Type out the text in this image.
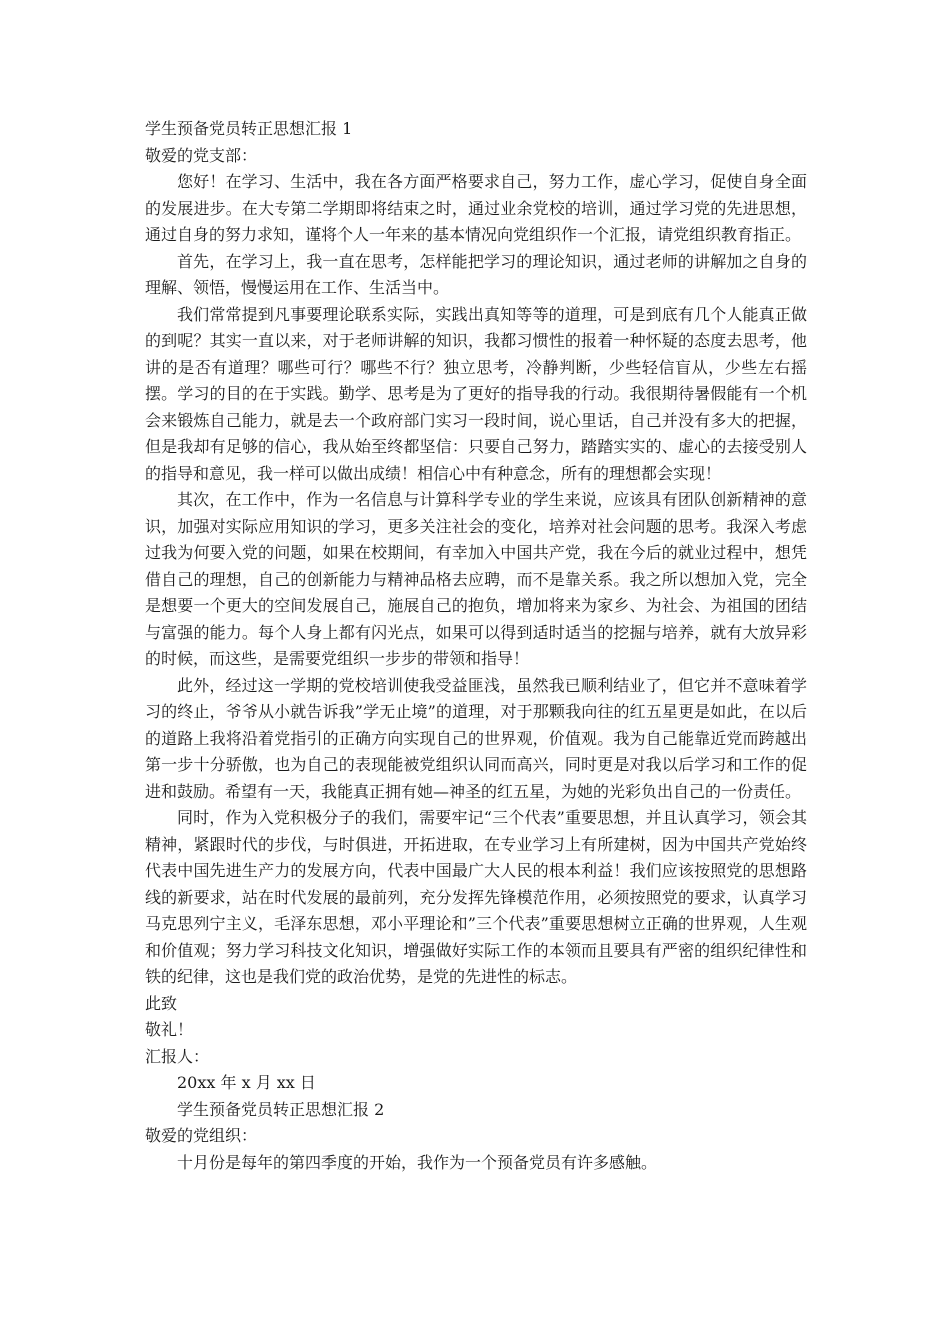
学生预备党员转正思想汇报 1

敬爱的党支部：

您好！在学习、生活中，我在各方面严格要求自己，努力工作，虚心学习，促使自身全面的发展进步。在大专第二学期即将结束之时，通过业余党校的培训，通过学习党的先进思想，通过自身的努力求知，谨将个人一年来的基本情况向党组织作一个汇报，请党组织教育指正。

首先，在学习上，我一直在思考，怎样能把学习的理论知识，通过老师的讲解加之自身的理解、领悟，慢慢运用在工作、生活当中。

我们常常提到凡事要理论联系实际，实践出真知等等的道理，可是到底有几个人能真正做的到呢？其实一直以来，对于老师讲解的知识，我都习惯性的报着一种怀疑的态度去思考，他讲的是否有道理？哪些可行？哪些不行？独立思考，冷静判断，少些轻信盲从，少些左右摇摆。学习的目的在于实践。勤学、思考是为了更好的指导我的行动。我很期待暑假能有一个机会来锻炼自己能力，就是去一个政府部门实习一段时间，说心里话，自己并没有多大的把握，但是我却有足够的信心，我从始至终都坚信：只要自己努力，踏踏实实的、虚心的去接受别人的指导和意见，我一样可以做出成绩！相信心中有种意念，所有的理想都会实现！

其次，在工作中，作为一名信息与计算科学专业的学生来说，应该具有团队创新精神的意识，加强对实际应用知识的学习，更多关注社会的变化，培养对社会问题的思考。我深入考虑过我为何要入党的问题，如果在校期间，有幸加入中国共产党，我在今后的就业过程中，想凭借自己的理想，自己的创新能力与精神品格去应聘，而不是靠关系。我之所以想加入党，完全是想要一个更大的空间发展自己，施展自己的抱负，增加将来为家乡、为社会、为祖国的团结与富强的能力。每个人身上都有闪光点，如果可以得到适时适当的挖掘与培养，就有大放异彩的时候，而这些，是需要党组织一步步的带领和指导！

此外，经过这一学期的党校培训使我受益匪浅，虽然我已顺利结业了，但它并不意味着学习的终止，爷爷从小就告诉我”学无止境”的道理，对于那颗我向往的红五星更是如此，在以后的道路上我将沿着党指引的正确方向实现自己的世界观，价值观。我为自己能靠近党而跨越出第一步十分骄傲，也为自己的表现能被党组织认同而高兴，同时更是对我以后学习和工作的促进和鼓励。希望有一天，我能真正拥有她—神圣的红五星，为她的光彩负出自己的一份责任。

同时，作为入党积极分子的我们，需要牢记“三个代表”重要思想，并且认真学习，领会其精神，紧跟时代的步伐，与时俱进，开拓进取，在专业学习上有所建树，因为中国共产党始终代表中国先进生产力的发展方向，代表中国最广大人民的根本利益！我们应该按照党的思想路线的新要求，站在时代发展的最前列，充分发挥先锋模范作用，必须按照党的要求，认真学习马克思列宁主义，毛泽东思想，邓小平理论和”三个代表”重要思想树立正确的世界观，人生观和价值观；努力学习科技文化知识，增强做好实际工作的本领而且要具有严密的组织纪律性和铁的纪律，这也是我们党的政治优势，是党的先进性的标志。

此致

敬礼！

汇报人：

20xx 年 x 月 xx 日

学生预备党员转正思想汇报 2

敬爱的党组织：

十月份是每年的第四季度的开始，我作为一个预备党员有许多感触。
